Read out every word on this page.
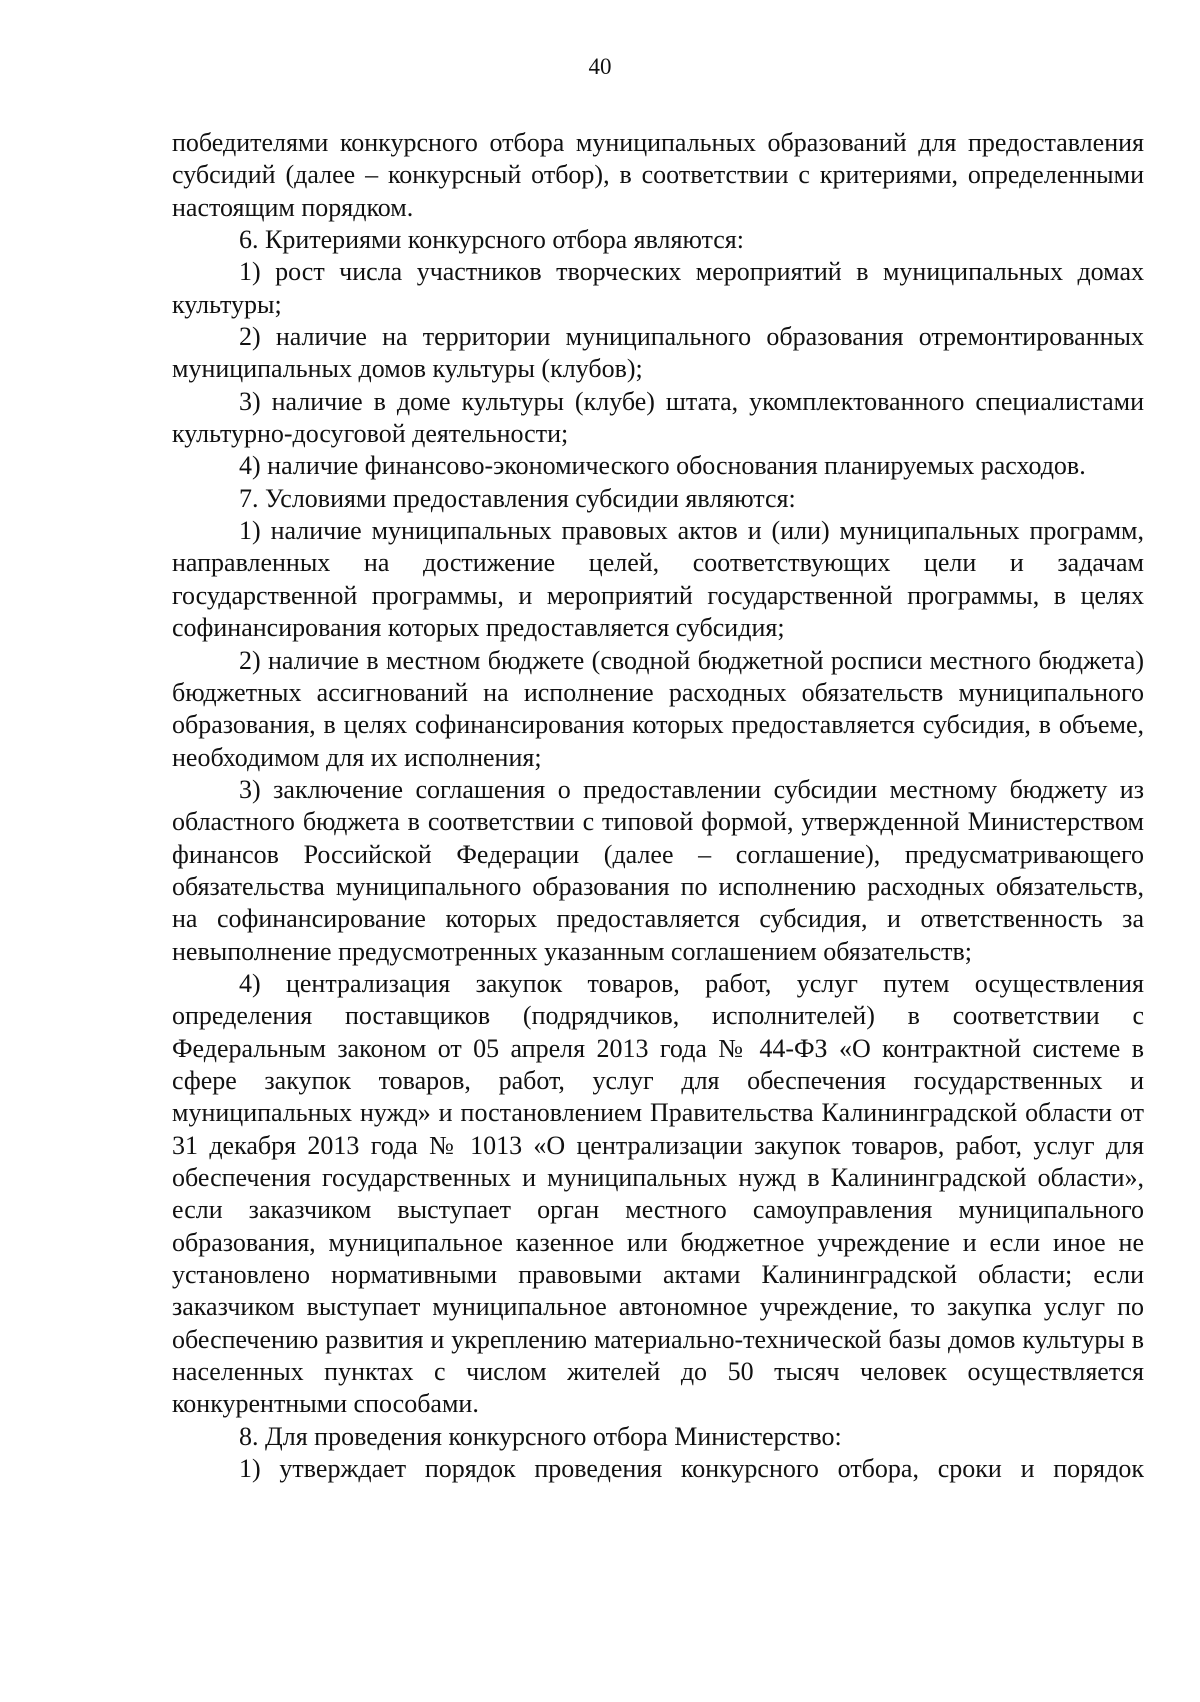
40

победителями конкурсного отбора муниципальных образований для предоставления субсидий (далее – конкурсный отбор), в соответствии с критериями, определенными настоящим порядком.

6. Критериями конкурсного отбора являются:

1) рост числа участников творческих мероприятий в муниципальных домах культуры;

2) наличие на территории муниципального образования отремонтированных муниципальных домов культуры (клубов);

3) наличие в доме культуры (клубе) штата, укомплектованного специалистами культурно-досуговой деятельности;

4) наличие финансово-экономического обоснования планируемых расходов.

7. Условиями предоставления субсидии являются:

1) наличие муниципальных правовых актов и (или) муниципальных программ, направленных на достижение целей, соответствующих цели и задачам государственной программы, и мероприятий государственной программы, в целях софинансирования которых предоставляется субсидия;

2) наличие в местном бюджете (сводной бюджетной росписи местного бюджета) бюджетных ассигнований на исполнение расходных обязательств муниципального образования, в целях софинансирования которых предоставляется субсидия, в объеме, необходимом для их исполнения;

3) заключение соглашения о предоставлении субсидии местному бюджету из областного бюджета в соответствии с типовой формой, утвержденной Министерством финансов Российской Федерации (далее – соглашение), предусматривающего обязательства муниципального образования по исполнению расходных обязательств, на софинансирование которых предоставляется субсидия, и ответственность за невыполнение предусмотренных указанным соглашением обязательств;

4) централизация закупок товаров, работ, услуг путем осуществления определения поставщиков (подрядчиков, исполнителей) в соответствии с Федеральным законом от 05 апреля 2013 года № 44-ФЗ «О контрактной системе в сфере закупок товаров, работ, услуг для обеспечения государственных и муниципальных нужд» и постановлением Правительства Калининградской области от 31 декабря 2013 года № 1013 «О централизации закупок товаров, работ, услуг для обеспечения государственных и муниципальных нужд в Калининградской области», если заказчиком выступает орган местного самоуправления муниципального образования, муниципальное казенное или бюджетное учреждение и если иное не установлено нормативными правовыми актами Калининградской области; если заказчиком выступает муниципальное автономное учреждение, то закупка услуг по обеспечению развития и укреплению материально-технической базы домов культуры в населенных пунктах с числом жителей до 50 тысяч человек осуществляется конкурентными способами.

8. Для проведения конкурсного отбора Министерство:

1) утверждает порядок проведения конкурсного отбора, сроки и порядок
